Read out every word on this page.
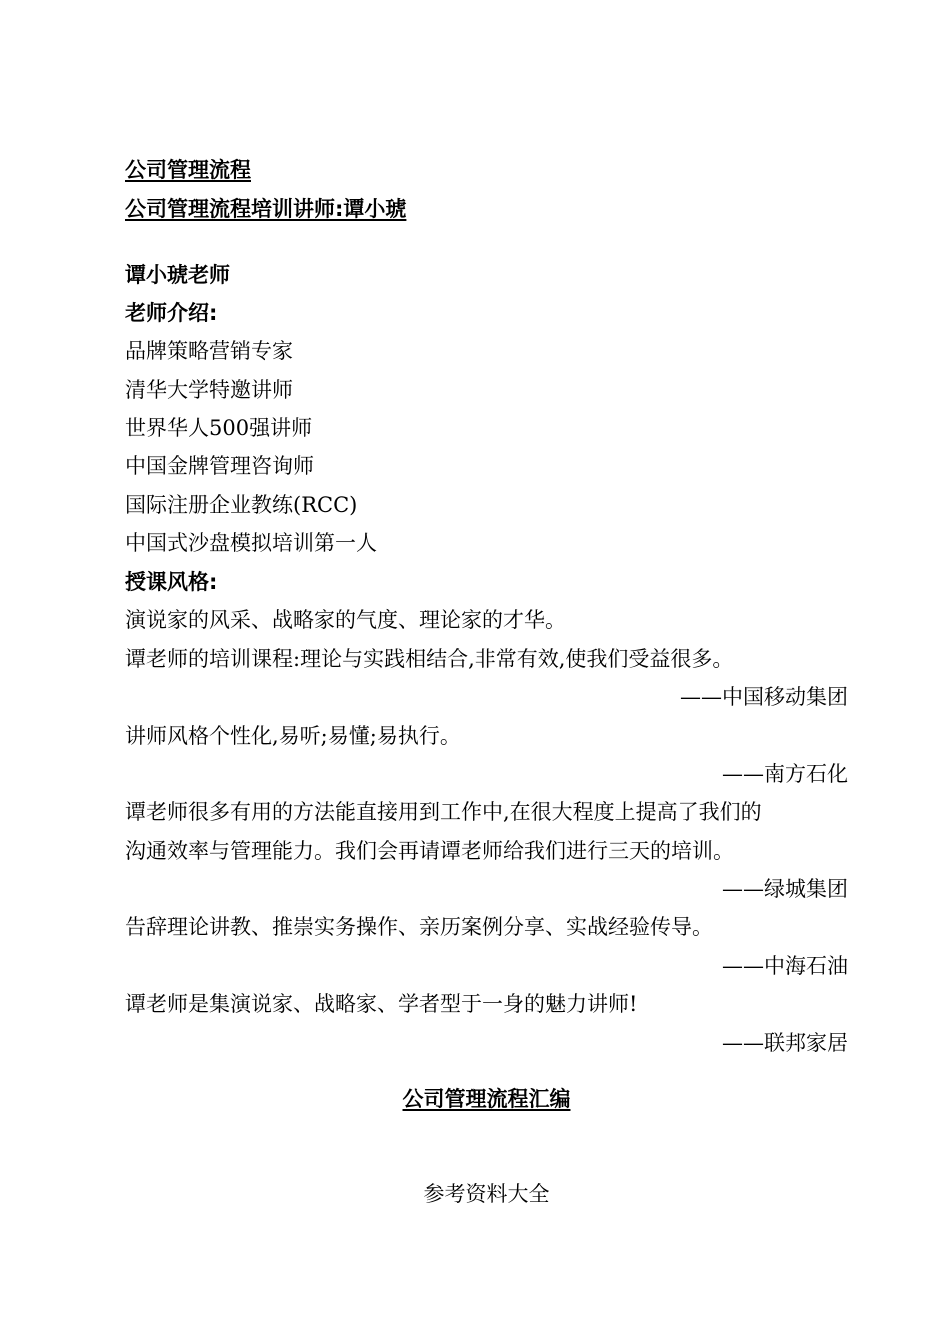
公司管理流程
公司管理流程培训讲师:谭小琥
谭小琥老师
老师介绍:
品牌策略营销专家
清华大学特邀讲师
世界华人500强讲师
中国金牌管理咨询师
国际注册企业教练(RCC)
中国式沙盘模拟培训第一人
授课风格:
演说家的风采、战略家的气度、理论家的才华。
谭老师的培训课程:理论与实践相结合,非常有效,使我们受益很多。
——中国移动集团
讲师风格个性化,易听;易懂;易执行。
——南方石化
谭老师很多有用的方法能直接用到工作中,在很大程度上提高了我们的
沟通效率与管理能力。我们会再请谭老师给我们进行三天的培训。
——绿城集团
告辞理论讲教、推崇实务操作、亲历案例分享、实战经验传导。
——中海石油
谭老师是集演说家、战略家、学者型于一身的魅力讲师!
——联邦家居
公司管理流程汇编
参考资料大全
